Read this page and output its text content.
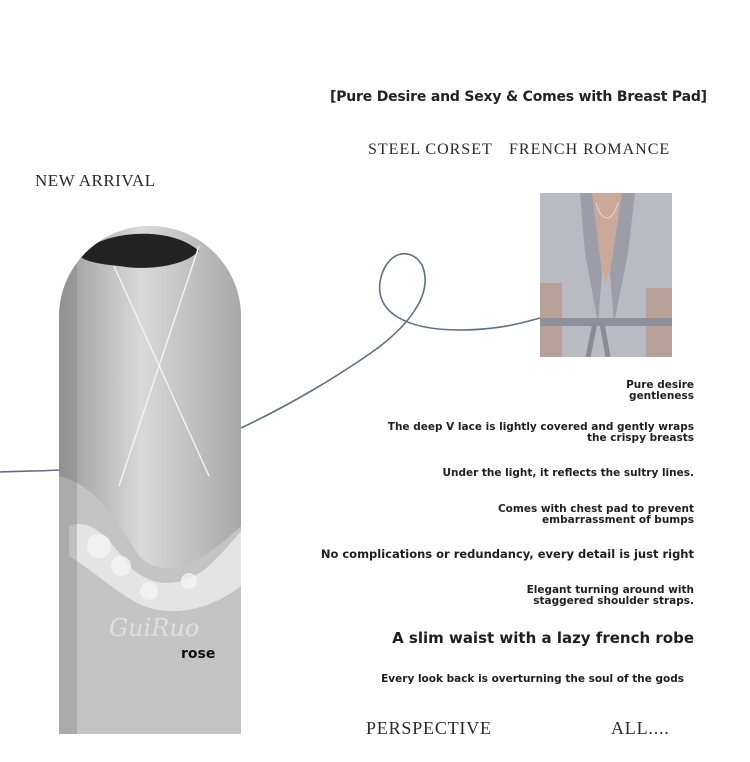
[Pure Desire and Sexy & Comes with Breast Pad]
STEEL CORSET FRENCH ROMANCE
NEW ARRIVAL
GuiRuo
rose
Pure desire
gentleness
The deep V lace is lightly covered and gently wraps
the crispy breasts
Under the light, it reflects the sultry lines.
Comes with chest pad to prevent
embarrassment of bumps
No complications or redundancy, every detail is just right
Elegant turning around with
staggered shoulder straps.
A slim waist with a lazy french robe
Every look back is overturning the soul of the gods
PERSPECTIVE	ALL....
